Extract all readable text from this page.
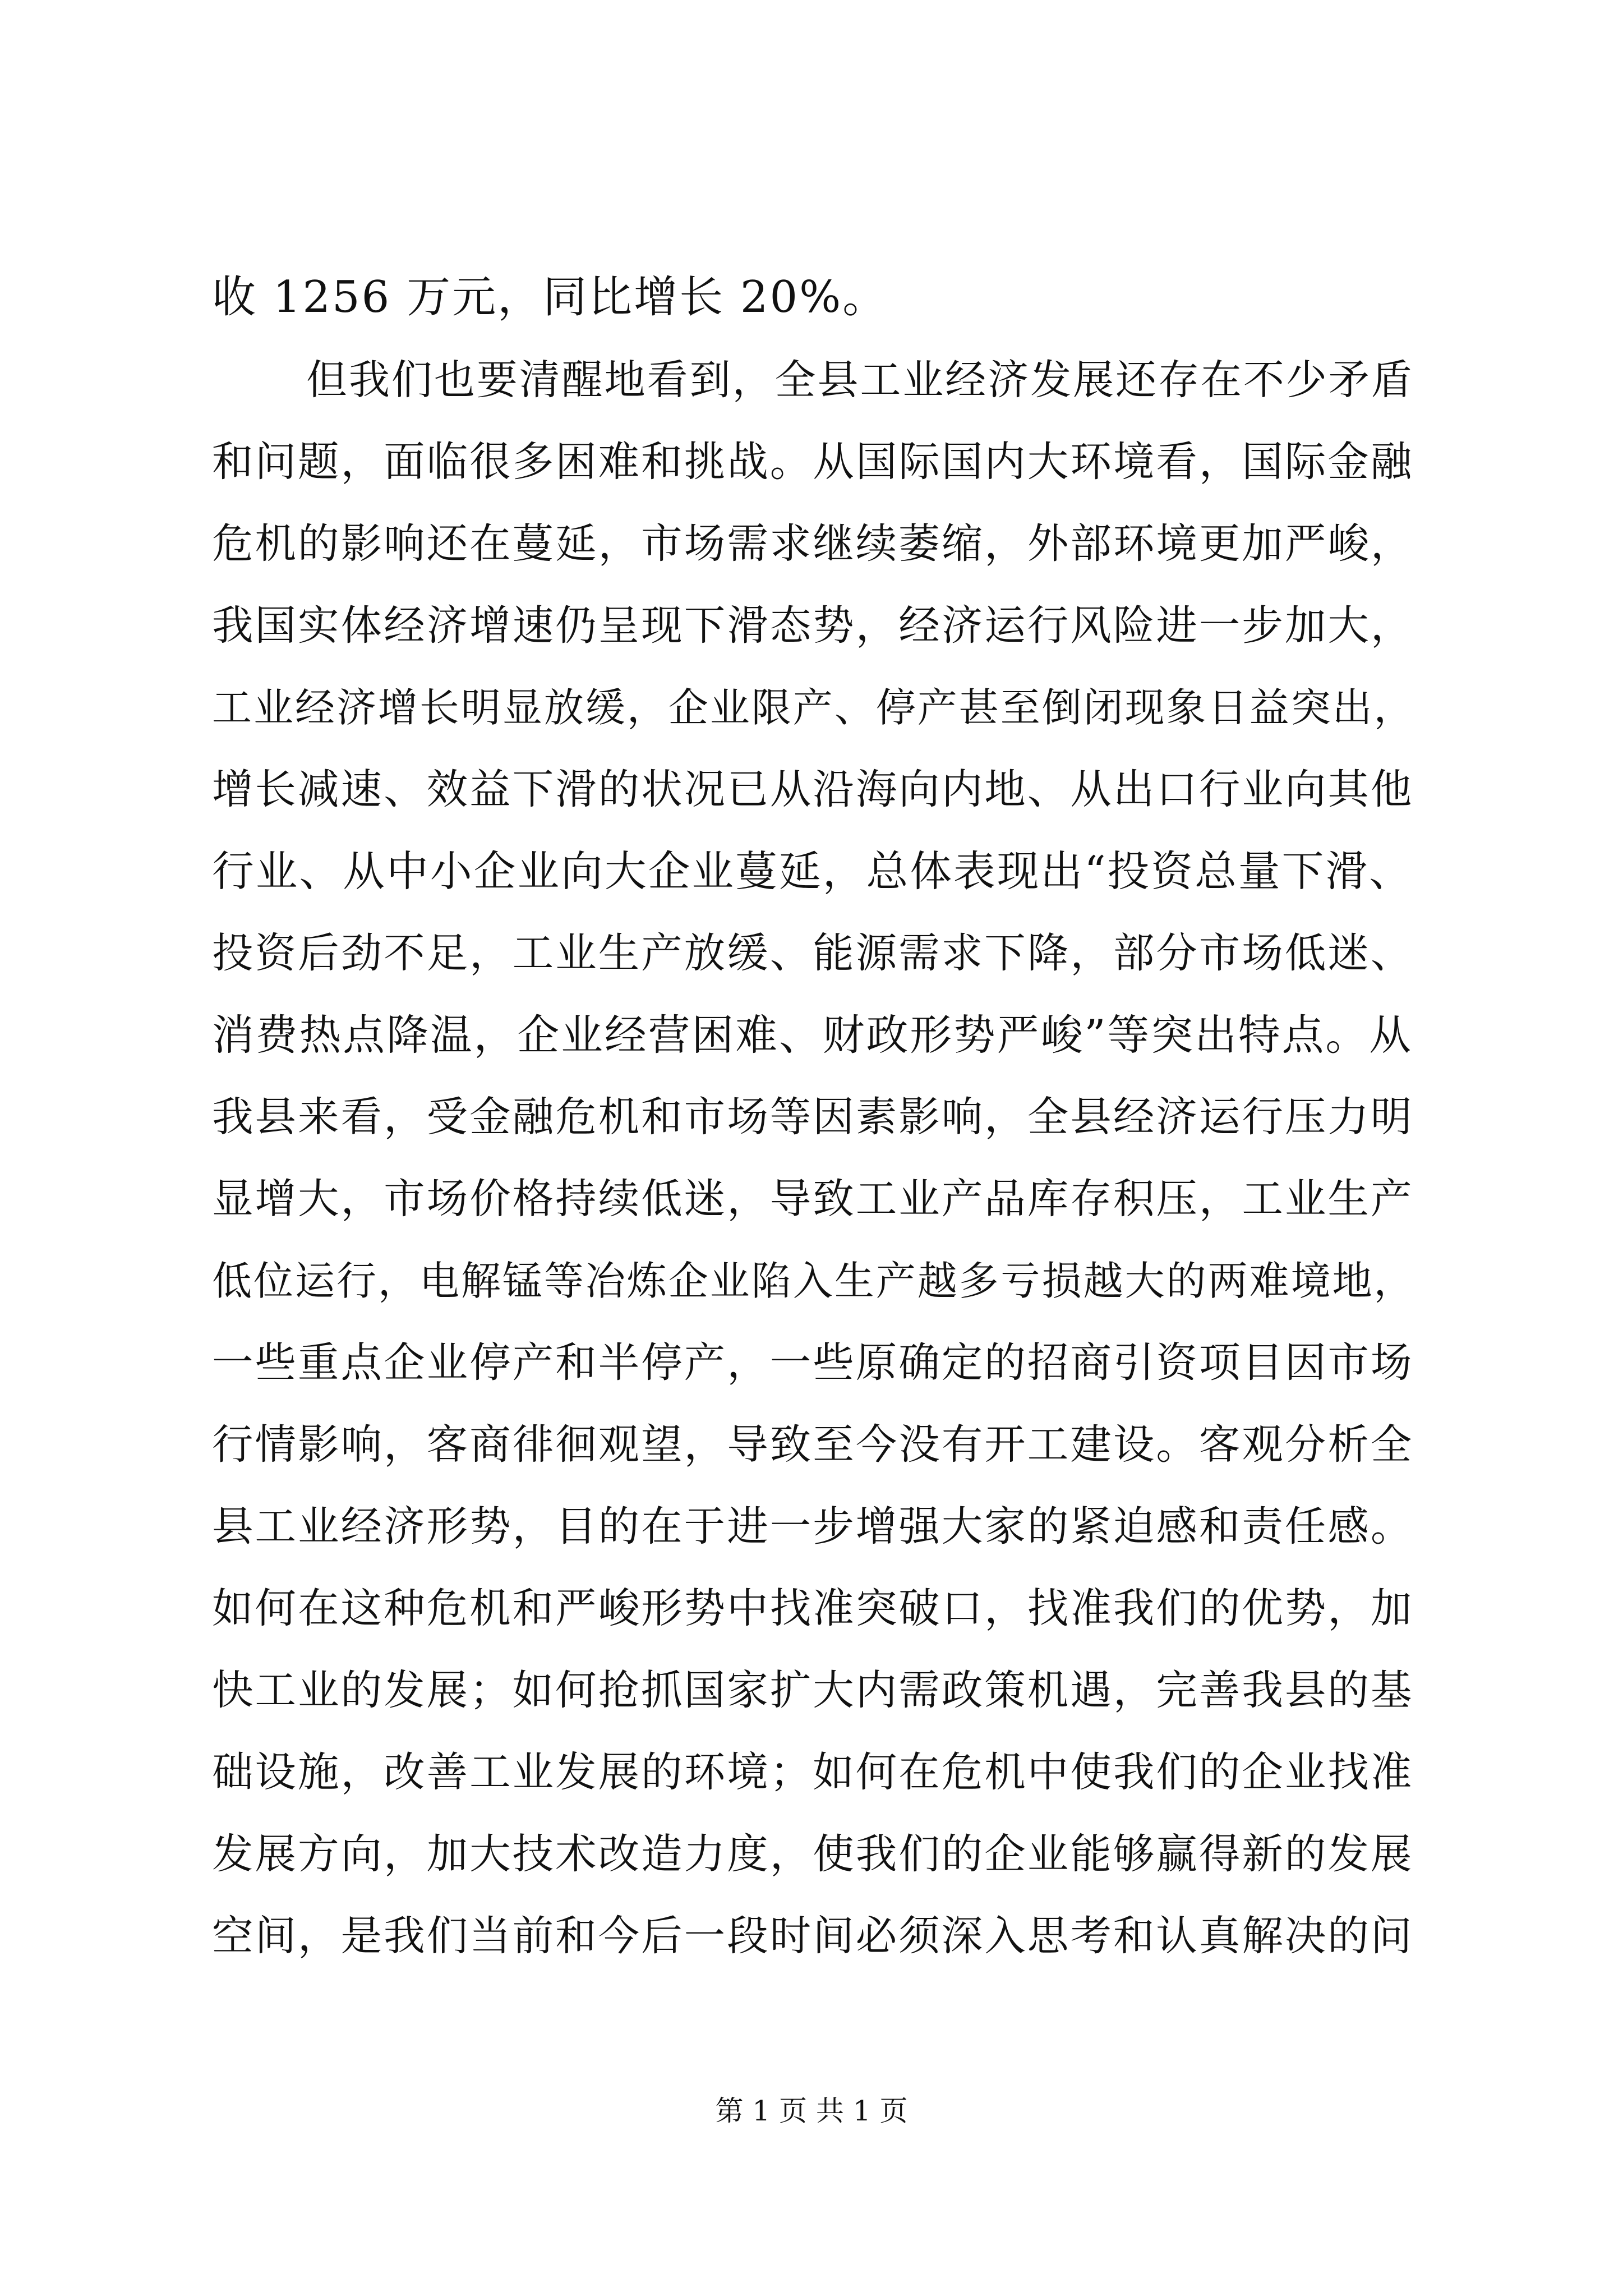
收 1256 万元，同比增长 20%。
但我们也要清醒地看到，全县工业经济发展还存在不少矛盾
和问题，面临很多困难和挑战。从国际国内大环境看，国际金融
危机的影响还在蔓延，市场需求继续萎缩，外部环境更加严峻，
我国实体经济增速仍呈现下滑态势，经济运行风险进一步加大，
工业经济增长明显放缓，企业限产、停产甚至倒闭现象日益突出，
增长减速、效益下滑的状况已从沿海向内地、从出口行业向其他
行业、从中小企业向大企业蔓延，总体表现出“投资总量下滑、
投资后劲不足，工业生产放缓、能源需求下降，部分市场低迷、
消费热点降温，企业经营困难、财政形势严峻”等突出特点。从
我县来看，受金融危机和市场等因素影响，全县经济运行压力明
显增大，市场价格持续低迷，导致工业产品库存积压，工业生产
低位运行，电解锰等冶炼企业陷入生产越多亏损越大的两难境地，
一些重点企业停产和半停产，一些原确定的招商引资项目因市场
行情影响，客商徘徊观望，导致至今没有开工建设。客观分析全
县工业经济形势，目的在于进一步增强大家的紧迫感和责任感。
如何在这种危机和严峻形势中找准突破口，找准我们的优势，加
快工业的发展；如何抢抓国家扩大内需政策机遇，完善我县的基
础设施，改善工业发展的环境；如何在危机中使我们的企业找准
发展方向，加大技术改造力度，使我们的企业能够赢得新的发展
空间，是我们当前和今后一段时间必须深入思考和认真解决的问
第 1 页 共 1 页
